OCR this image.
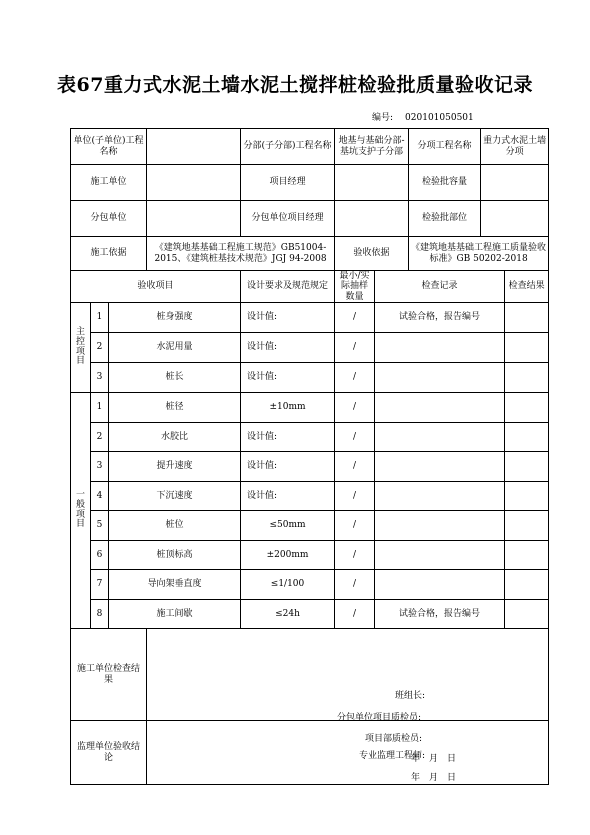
表67重力式水泥土墙水泥土搅拌桩检验批质量验收记录
编号: 020101050501
单位(子单位)工程名称				分部(子分部)工程名称	地基与基础分部-基坑支护子分部		分项工程名称	重力式水泥土墙分项	
施工单位				项目经理			检验批容量		
分包单位				分包单位项目经理			检验批部位		
施工依据			《建筑地基基础工程施工规范》GB51004-2015、《建筑桩基技术规范》JGJ 94-2008		验收依据		《建筑地基基础工程施工质量验收标准》GB 50202-2018		
验收项目				设计要求及规范规定	最小/实际抽样数量	检查记录			检查结果
主控项目	1	桩身强度		设计值:	/	试验合格，报告编号			
	2	水泥用量		设计值:	/				
	3	桩长		设计值:	/				
一般项目	1	桩径		±10mm	/				
	2	水胶比		设计值:	/				
	3	提升速度		设计值:	/				
	4	下沉速度		设计值:	/				
	5	桩位		≤50mm	/				
	6	桩顶标高		±200mm	/				
	7	导向架垂直度		≤1/100	/				
	8	施工间歇		≤24h	/	试验合格，报告编号			
施工单位检查结果			班组长:
分包单位项目质检员:
项目部质检员:
年　月　日						

监理单位验收结论			专业监理工程师:
年　月　日						
